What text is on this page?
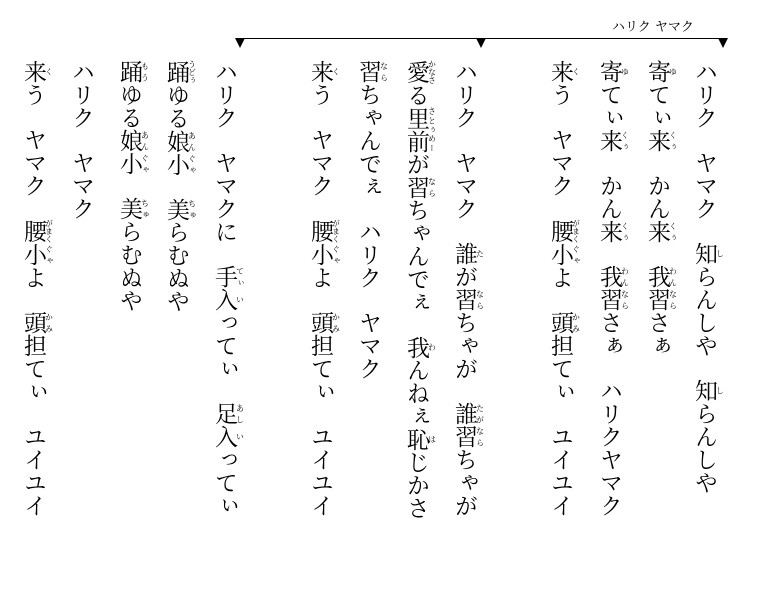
ハリク ヤマク
ハリクヤマク知しらんしや知しらんしや
寄ゆてぃ来くぅかん来くぅ我わん習ならさぁ
寄ゆてぃ来くぅかん来くぅ我わん習ならさぁハリクヤマク
来くうヤマク腰がまく小ぐゃよ頭かみ担てぃユイユイ
ハリクヤマク誰たが習ならちゃが誰たが習ならちゃが
愛かなさる里前さとぅめーが習ならちゃんでぇ我わんねぇ恥はじかさ
習ならちゃんでぇハリクヤマク
来くうヤマク腰がまく小ぐゃよ頭かみ担てぃユイユイ
ハリクヤマクに手てぃ入いってぃ足あし入いってぃ
踊うどぅゆる娘あん小ぐゃ美ちゅらむぬや
踊もうゆる娘あん小ぐゃ美ちゅらむぬや
ハリクヤマク
来くうヤマク腰がまく小ぐゃよ頭かみ担てぃユイユイ
